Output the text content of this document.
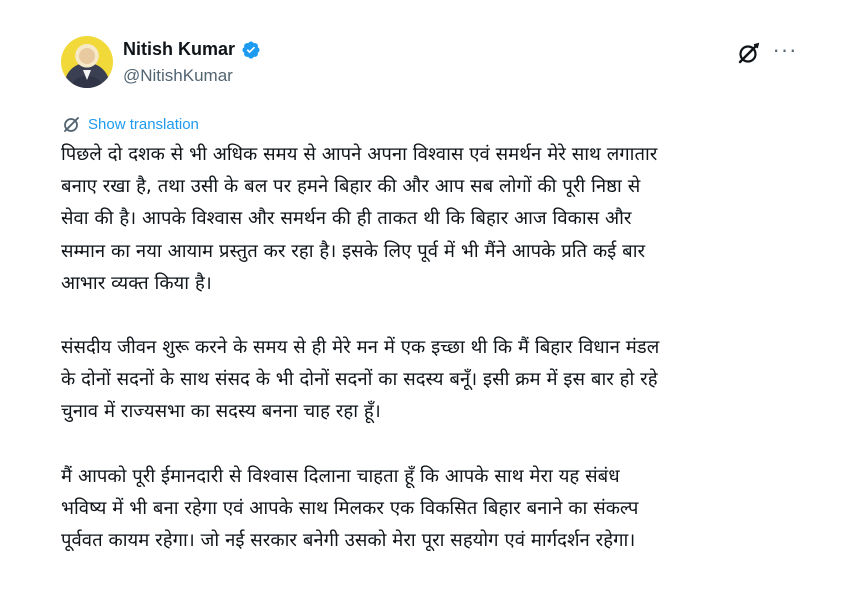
Nitish Kumar
@NitishKumar
···
Show translation

पिछले दो दशक से भी अधिक समय से आपने अपना विश्वास एवं समर्थन मेरे साथ लगातार
बनाए रखा है, तथा उसी के बल पर हमने बिहार की और आप सब लोगों की पूरी निष्ठा से
सेवा की है। आपके विश्वास और समर्थन की ही ताकत थी कि बिहार आज विकास और
सम्मान का नया आयाम प्रस्तुत कर रहा है। इसके लिए पूर्व में भी मैंने आपके प्रति कई बार
आभार व्यक्त किया है।

संसदीय जीवन शुरू करने के समय से ही मेरे मन में एक इच्छा थी कि मैं बिहार विधान मंडल
के दोनों सदनों के साथ संसद के भी दोनों सदनों का सदस्य बनूँ। इसी क्रम में इस बार हो रहे
चुनाव में राज्यसभा का सदस्य बनना चाह रहा हूँ।

मैं आपको पूरी ईमानदारी से विश्वास दिलाना चाहता हूँ कि आपके साथ मेरा यह संबंध
भविष्य में भी बना रहेगा एवं आपके साथ मिलकर एक विकसित बिहार बनाने का संकल्प
पूर्ववत कायम रहेगा। जो नई सरकार बनेगी उसको मेरा पूरा सहयोग एवं मार्गदर्शन रहेगा।
